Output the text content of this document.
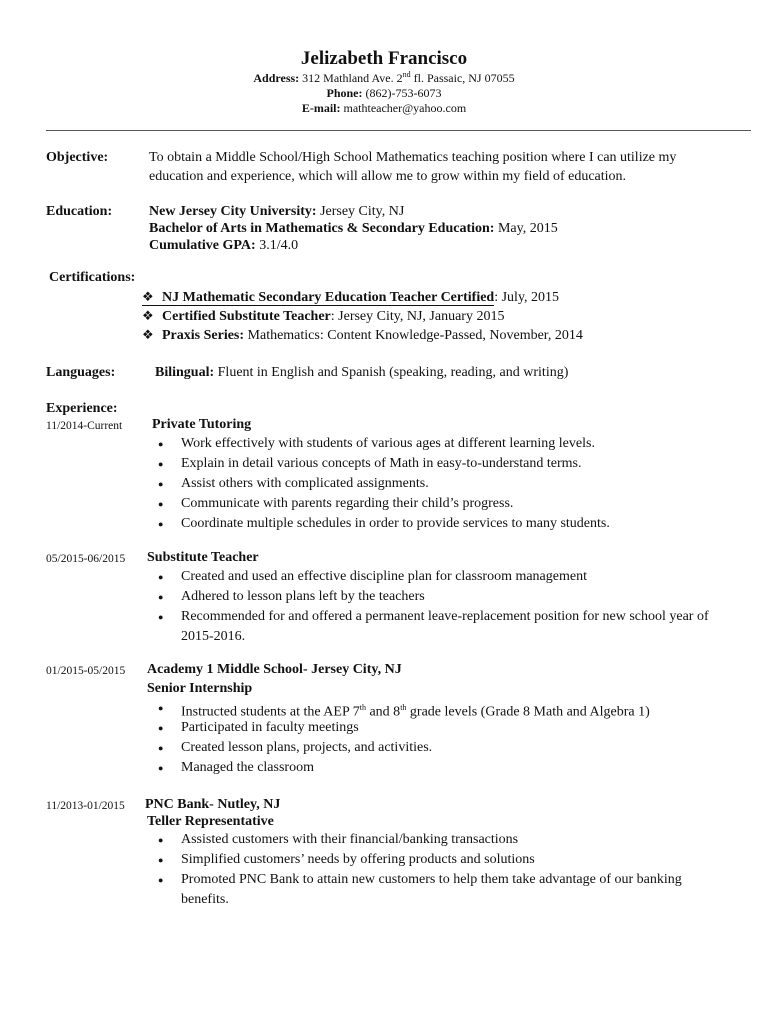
Jelizabeth Francisco
Address: 312 Mathland Ave. 2nd fl. Passaic, NJ 07055
Phone: (862)-753-6073
E-mail: mathteacher@yahoo.com
Objective:	To obtain a Middle School/High School Mathematics teaching position where I can utilize my
education and experience, which will allow me to grow within my field of education.
Education:	New Jersey City University: Jersey City, NJ
Bachelor of Arts in Mathematics & Secondary Education: May, 2015
Cumulative GPA: 3.1/4.0
Certifications:
❖ NJ Mathematic Secondary Education Teacher Certified: July, 2015
❖ Certified Substitute Teacher: Jersey City, NJ, January 2015
❖ Praxis Series: Mathematics: Content Knowledge-Passed, November, 2014
Languages:	Bilingual: Fluent in English and Spanish (speaking, reading, and writing)
Experience:
11/2014-Current Private Tutoring
● Work effectively with students of various ages at different learning levels.
● Explain in detail various concepts of Math in easy-to-understand terms.
● Assist others with complicated assignments.
● Communicate with parents regarding their child’s progress.
● Coordinate multiple schedules in order to provide services to many students.
05/2015-06/2015 Substitute Teacher
● Created and used an effective discipline plan for classroom management
● Adhered to lesson plans left by the teachers
● Recommended for and offered a permanent leave-replacement position for new school year of 2015-2016.
01/2015-05/2015 Academy 1 Middle School- Jersey City, NJ
Senior Internship
● Instructed students at the AEP 7th and 8th grade levels (Grade 8 Math and Algebra 1)
● Participated in faculty meetings
● Created lesson plans, projects, and activities.
● Managed the classroom
11/2013-01/2015 PNC Bank- Nutley, NJ
Teller Representative
● Assisted customers with their financial/banking transactions
● Simplified customers’ needs by offering products and solutions
● Promoted PNC Bank to attain new customers to help them take advantage of our banking benefits.
